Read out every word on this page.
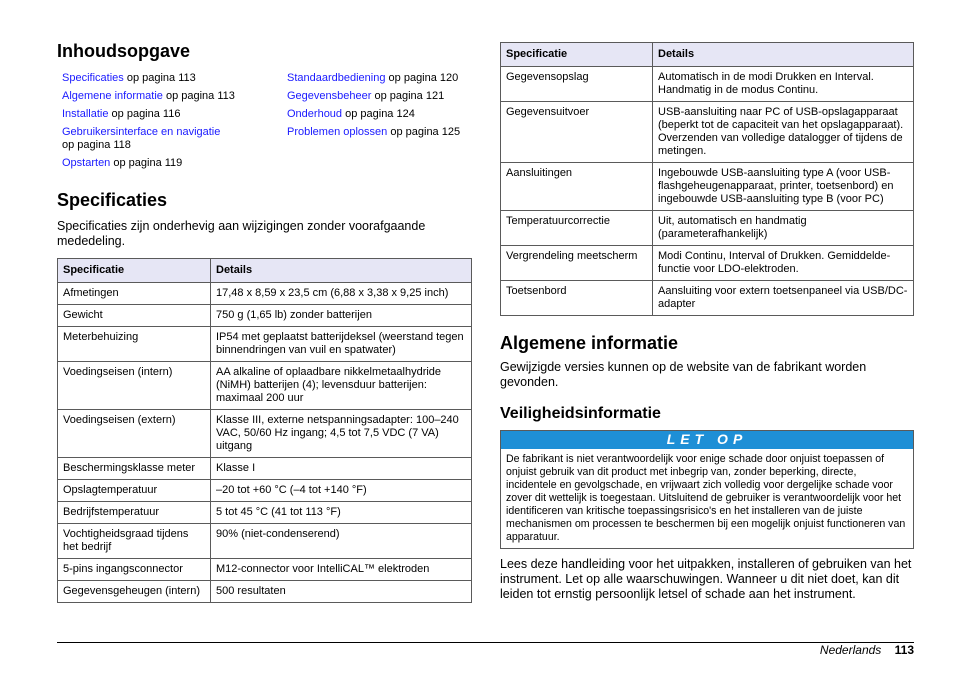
Inhoudsopgave
Specificaties op pagina 113
Algemene informatie op pagina 113
Installatie op pagina 116
Gebruikersinterface en navigatie
op pagina 118
Opstarten op pagina 119
Standaardbediening op pagina 120
Gegevensbeheer op pagina 121
Onderhoud op pagina 124
Problemen oplossen op pagina 125
Specificaties

Specificaties zijn onderhevig aan wijzigingen zonder voorafgaande mededeling.

Specificatie	Details
Afmetingen	17,48 x 8,59 x 23,5 cm (6,88 x 3,38 x 9,25 inch)
Gewicht	750 g (1,65 lb) zonder batterijen
Meterbehuizing	IP54 met geplaatst batterijdeksel (weerstand tegen binnendringen van vuil en spatwater)
Voedingseisen (intern)	AA alkaline of oplaadbare nikkelmetaalhydride (NiMH) batterijen (4); levensduur batterijen: maximaal 200 uur
Voedingseisen (extern)	Klasse III, externe netspanningsadapter: 100–240 VAC, 50/60 Hz ingang; 4,5 tot 7,5 VDC (7 VA) uitgang
Beschermingsklasse meter	Klasse I
Opslagtemperatuur	–20 tot +60 °C (–4 tot +140 °F)
Bedrijfstemperatuur	5 tot 45 °C (41 tot 113 °F)
Vochtigheidsgraad tijdens het bedrijf	90% (niet-condenserend)
5-pins ingangsconnector	M12-connector voor IntelliCAL™ elektroden
Gegevensgeheugen (intern)	500 resultaten
Specificatie	Details
Gegevensopslag	Automatisch in de modi Drukken en Interval. Handmatig in de modus Continu.
Gegevensuitvoer	USB-aansluiting naar PC of USB-opslagapparaat (beperkt tot de capaciteit van het opslagapparaat). Overzenden van volledige datalogger of tijdens de metingen.
Aansluitingen	Ingebouwde USB-aansluiting type A (voor USB-flashgeheugenapparaat, printer, toetsenbord) en ingebouwde USB-aansluiting type B (voor PC)
Temperatuurcorrectie	Uit, automatisch en handmatig (parameterafhankelijk)
Vergrendeling meetscherm	Modi Continu, Interval of Drukken. Gemiddelde-functie voor LDO-elektroden.
Toetsenbord	Aansluiting voor extern toetsenpaneel via USB/DC-adapter
Algemene informatie

Gewijzigde versies kunnen op de website van de fabrikant worden gevonden.

Veiligheidsinformatie
LET OP
De fabrikant is niet verantwoordelijk voor enige schade door onjuist toepassen of onjuist gebruik van dit product met inbegrip van, zonder beperking, directe, incidentele en gevolgschade, en vrijwaart zich volledig voor dergelijke schade voor zover dit wettelijk is toegestaan. Uitsluitend de gebruiker is verantwoordelijk voor het identificeren van kritische toepassingsrisico's en het installeren van de juiste mechanismen om processen te beschermen bij een mogelijk onjuist functioneren van apparatuur.

Lees deze handleiding voor het uitpakken, installeren of gebruiken van het instrument. Let op alle waarschuwingen. Wanneer u dit niet doet, kan dit leiden tot ernstig persoonlijk letsel of schade aan het instrument.

Nederlands 113
